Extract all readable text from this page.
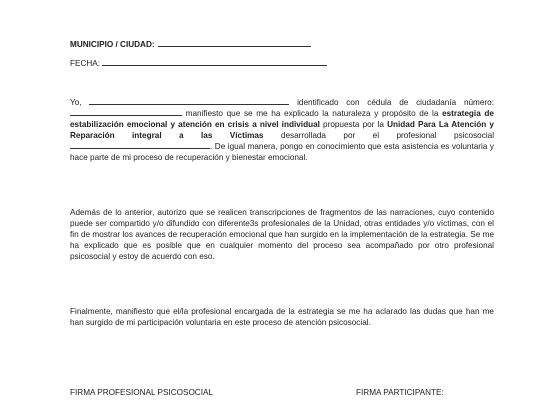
MUNICIPIO / CIUDAD:
FECHA:
Yo,	identificado con cédula de ciudadanía número: manifiesto que se me ha explicado la naturaleza y propósito de la estrategia de estabilización emocional y atención en crisis a nivel individual propuesta por la Unidad Para La Atención y Reparación integral a las Víctimas desarrollada por el profesional psicosocial . De igual manera, pongo en conocimiento que esta asistencia es voluntaria y hace parte de mi proceso de recuperación y bienestar emocional.
Además de lo anterior, autorizo que se realicen transcripciones de fragmentos de las narraciones, cuyo contenido puede ser compartido y/o difundido con diferente3s profesionales de la Unidad, otras entidades y/o víctimas, con el fin de mostrar los avances de recuperación emocional que han surgido en la implementación de la estrategia. Se me ha explicado que es posible que en cualquier momento del proceso sea acompañado por otro profesional psicosocial y estoy de acuerdo con eso.
Finalmente, manifiesto que el/la profesional encargada de la estrategia se me ha aclarado las dudas que han me han surgido de mi participación voluntaria en este proceso de atención psicosocial.
FIRMA PROFESIONAL PSICOSOCIAL	FIRMA PARTICIPANTE:
